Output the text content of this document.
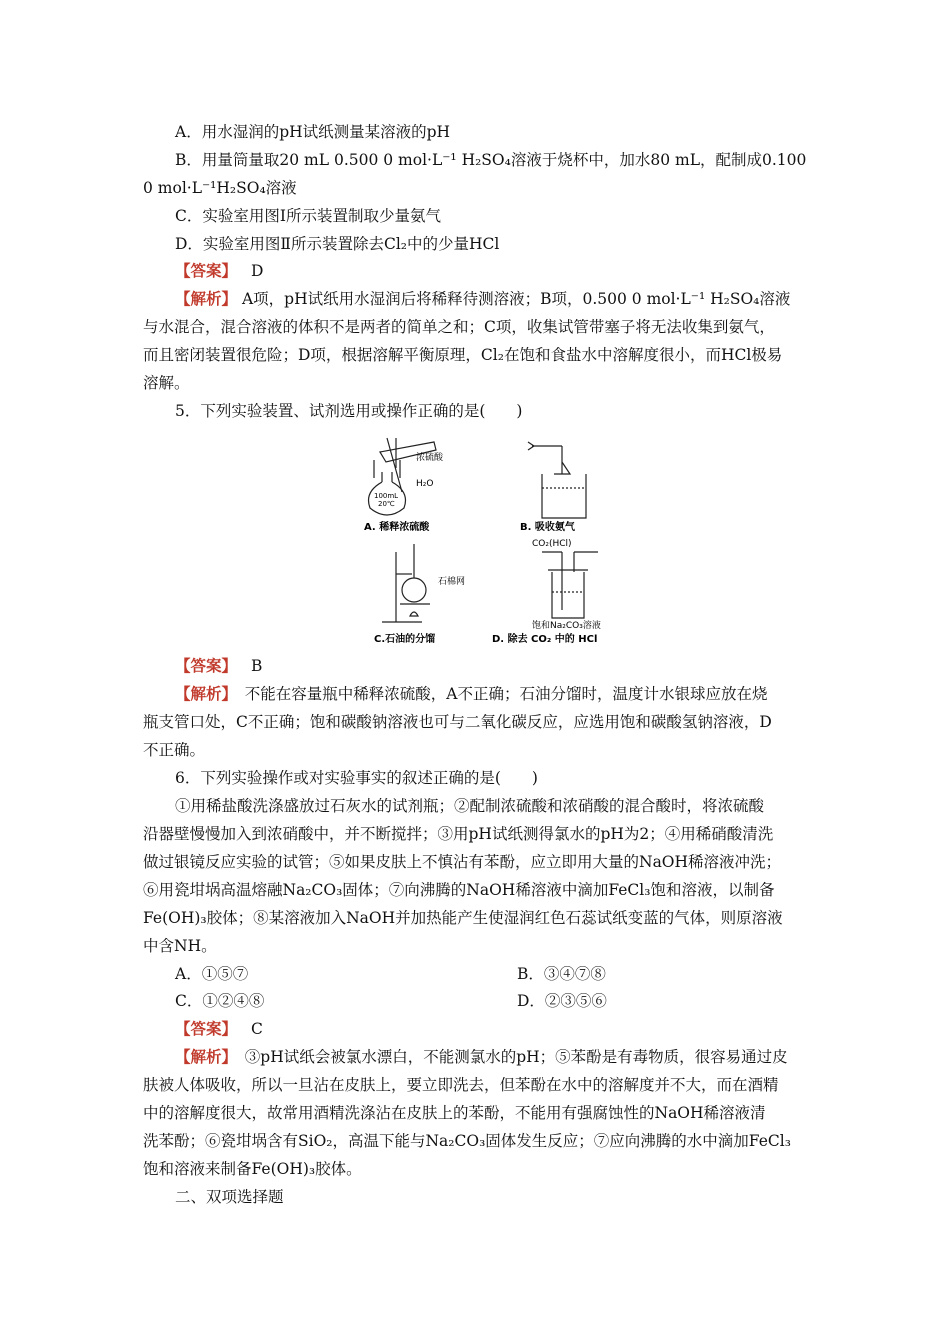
A．用水湿润的pH试纸测量某溶液的pH
B．用量筒量取20 mL 0.500 0 mol·L⁻¹ H₂SO₄溶液于烧杯中，加水80 mL，配制成0.100
0 mol·L⁻¹H₂SO₄溶液
C．实验室用图Ⅰ所示装置制取少量氨气
D．实验室用图Ⅱ所示装置除去Cl₂中的少量HCl
【答案】 D
【解析】 A项，pH试纸用水湿润后将稀释待测溶液；B项，0.500 0 mol·L⁻¹ H₂SO₄溶液
与水混合，混合溶液的体积不是两者的简单之和；C项，收集试管带塞子将无法收集到氨气，
而且密闭装置很危险；D项，根据溶解平衡原理，Cl₂在饱和食盐水中溶解度很小，而HCl极易
溶解。
5．下列实验装置、试剂选用或操作正确的是(　　)
浓硫酸
H₂O
100mL
20℃
A. 稀释浓硫酸	B. 吸收氨气
石棉网
C.石油的分馏
CO₂(HCl)
饱和Na₂CO₃溶液
D. 除去 CO₂ 中的 HCl
【答案】 B
【解析】　 不能在容量瓶中稀释浓硫酸，A不正确；石油分馏时，温度计水银球应放在烧
瓶支管口处，C不正确；饱和碳酸钠溶液也可与二氧化碳反应，应选用饱和碳酸氢钠溶液，D
不正确。
6．下列实验操作或对实验事实的叙述正确的是(　　)
①用稀盐酸洗涤盛放过石灰水的试剂瓶；②配制浓硫酸和浓硝酸的混合酸时，将浓硫酸
沿器壁慢慢加入到浓硝酸中，并不断搅拌；③用pH试纸测得氯水的pH为2；④用稀硝酸清洗
做过银镜反应实验的试管；⑤如果皮肤上不慎沾有苯酚，应立即用大量的NaOH稀溶液冲洗；
⑥用瓷坩埚高温熔融Na₂CO₃固体；⑦向沸腾的NaOH稀溶液中滴加FeCl₃饱和溶液，以制备
Fe(OH)₃胶体；⑧某溶液加入NaOH并加热能产生使湿润红色石蕊试纸变蓝的气体，则原溶液
中含NH。
A．①⑤⑦	B．③④⑦⑧
C．①②④⑧	D．②③⑤⑥
【答案】 C
【解析】　 ③pH试纸会被氯水漂白，不能测氯水的pH；⑤苯酚是有毒物质，很容易通过皮
肤被人体吸收，所以一旦沾在皮肤上，要立即洗去，但苯酚在水中的溶解度并不大，而在酒精
中的溶解度很大，故常用酒精洗涤沾在皮肤上的苯酚，不能用有强腐蚀性的NaOH稀溶液清
洗苯酚；⑥瓷坩埚含有SiO₂，高温下能与Na₂CO₃固体发生反应；⑦应向沸腾的水中滴加FeCl₃
饱和溶液来制备Fe(OH)₃胶体。
二、双项选择题
